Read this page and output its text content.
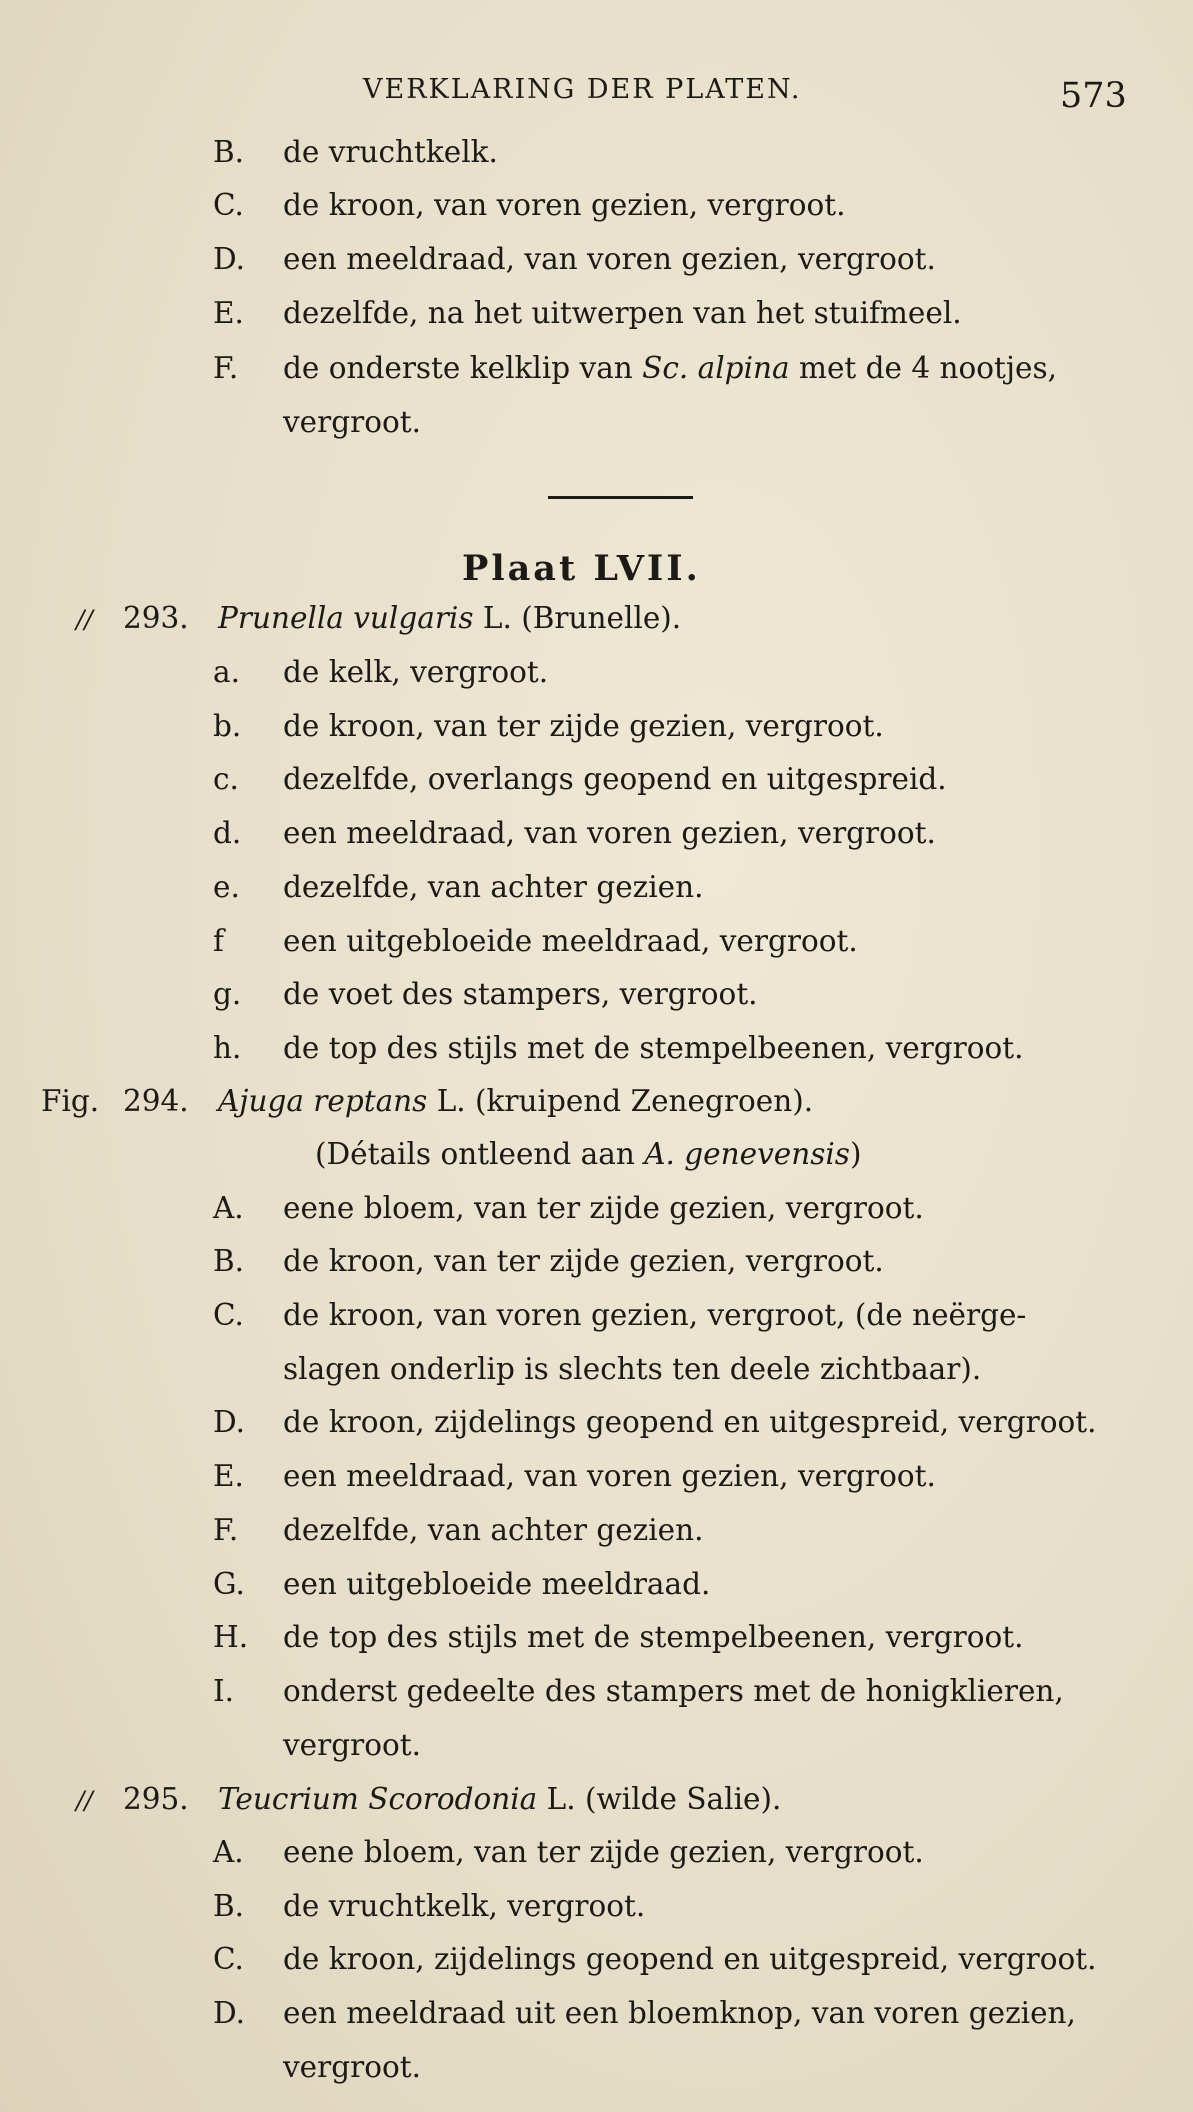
VERKLARING DER PLATEN.	573
B. de vruchtkelk.
C. de kroon, van voren gezien, vergroot.
D. een meeldraad, van voren gezien, vergroot.
E. dezelfde, na het uitwerpen van het stuifmeel.
F. de onderste kelklip van Sc. alpina met de 4 nootjes,
vergroot.
// 293. Prunella vulgaris L. (Brunelle).
a. de kelk, vergroot.
b. de kroon, van ter zijde gezien, vergroot.
c. dezelfde, overlangs geopend en uitgespreid.
d. een meeldraad, van voren gezien, vergroot.
e. dezelfde, van achter gezien.
f een uitgebloeide meeldraad, vergroot.
g. de voet des stampers, vergroot.
h. de top des stijls met de stempelbeenen, vergroot.
Fig. 294. Ajuga reptans L. (kruipend Zenegroen).
(Détails ontleend aan A. genevensis)
A. eene bloem, van ter zijde gezien, vergroot.
B. de kroon, van ter zijde gezien, vergroot.
C. de kroon, van voren gezien, vergroot, (de neërge-
slagen onderlip is slechts ten deele zichtbaar).
D. de kroon, zijdelings geopend en uitgespreid, vergroot.
E. een meeldraad, van voren gezien, vergroot.
F. dezelfde, van achter gezien.
G. een uitgebloeide meeldraad.
H. de top des stijls met de stempelbeenen, vergroot.
I. onderst gedeelte des stampers met de honigklieren,
vergroot.
// 295. Teucrium Scorodonia L. (wilde Salie).
A. eene bloem, van ter zijde gezien, vergroot.
B. de vruchtkelk, vergroot.
C. de kroon, zijdelings geopend en uitgespreid, vergroot.
D. een meeldraad uit een bloemknop, van voren gezien,
vergroot.
Plaat LVII.
